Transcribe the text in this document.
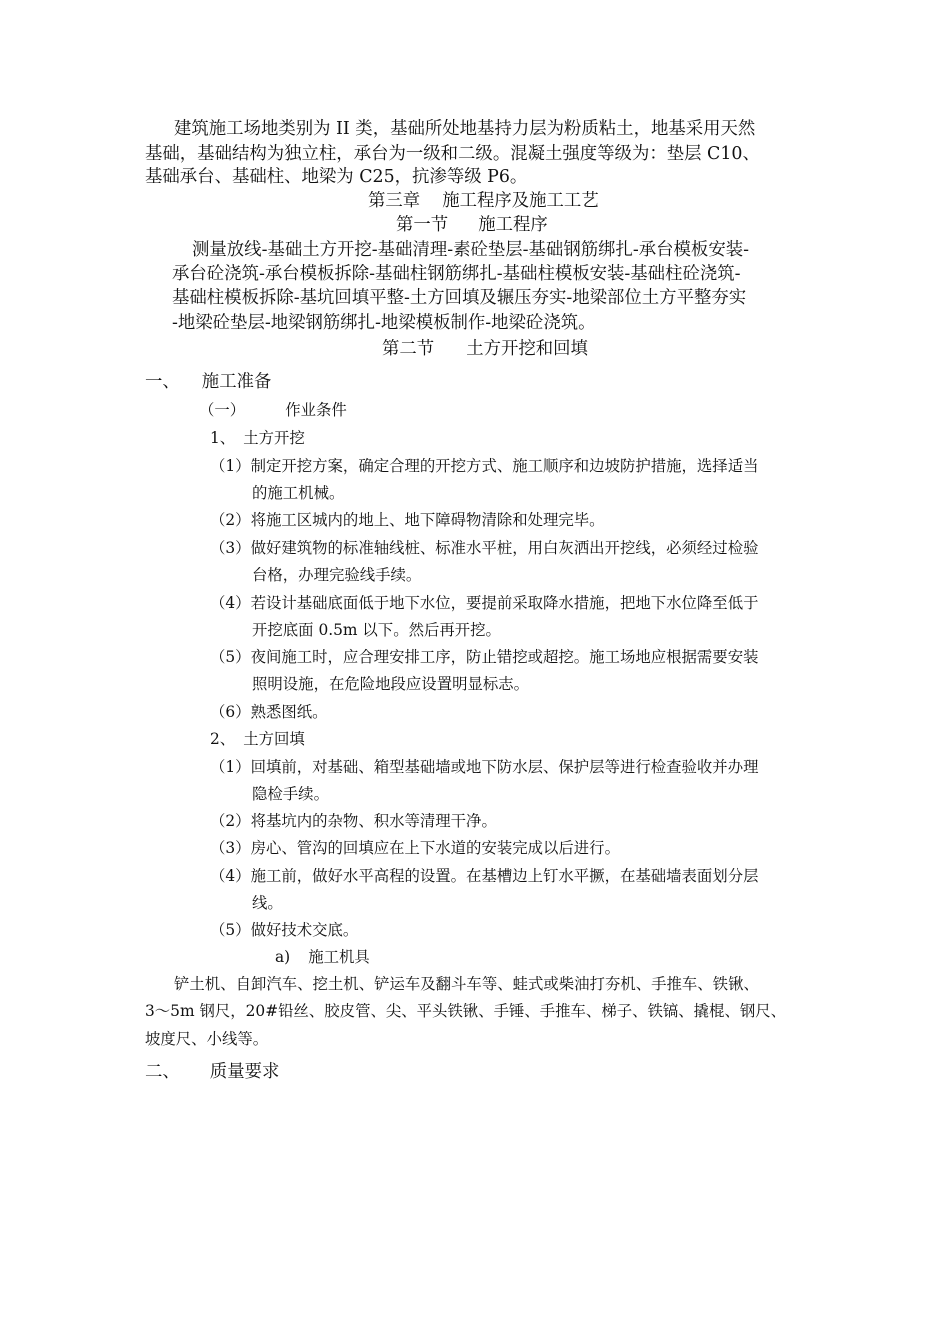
建筑施工场地类别为 II 类，基础所处地基持力层为粉质粘土，地基采用天然
基础，基础结构为独立柱，承台为一级和二级。混凝土强度等级为：垫层 C10、
基础承台、基础柱、地梁为 C25，抗渗等级 P6。
第三章 施工程序及施工工艺
第一节 施工程序
测量放线-基础土方开挖-基础清理-素砼垫层-基础钢筋绑扎-承台模板安装-
承台砼浇筑-承台模板拆除-基础柱钢筋绑扎-基础柱模板安装-基础柱砼浇筑-
基础柱模板拆除-基坑回填平整-土方回填及辗压夯实-地梁部位土方平整夯实
-地梁砼垫层-地梁钢筋绑扎-地梁模板制作-地梁砼浇筑。
第二节 土方开挖和回填
一、 施工准备
（一）	作业条件
1、 土方开挖
（1）制定开挖方案，确定合理的开挖方式、施工顺序和边坡防护措施，选择适当
的施工机械。
（2）将施工区城内的地上、地下障碍物清除和处理完毕。
（3）做好建筑物的标准轴线桩、标准水平桩，用白灰洒出开挖线，必须经过检验
台格，办理完验线手续。
（4）若设计基础底面低于地下水位，要提前采取降水措施，把地下水位降至低于
开挖底面 0.5m 以下。然后再开挖。
（5）夜间施工时，应合理安排工序，防止错挖或超挖。施工场地应根据需要安装
照明设施，在危险地段应设置明显标志。
（6）熟悉图纸。
2、 土方回填
（1）回填前，对基础、箱型基础墙或地下防水层、保护层等进行检查验收并办理
隐检手续。
（2）将基坑内的杂物、积水等清理干净。
（3）房心、管沟的回填应在上下水道的安装完成以后进行。
（4）施工前，做好水平高程的设置。在基槽边上钉水平撅，在基础墙表面划分层
线。
（5）做好技术交底。
a) 施工机具
铲土机、自卸汽车、挖土机、铲运车及翻斗车等、蛙式或柴油打夯机、手推车、铁锹、
3～5m 钢尺，20#铅丝、胶皮管、尖、平头铁锹、手锤、手推车、梯子、铁镐、撬棍、钢尺、
坡度尺、小线等。
二、 质量要求
